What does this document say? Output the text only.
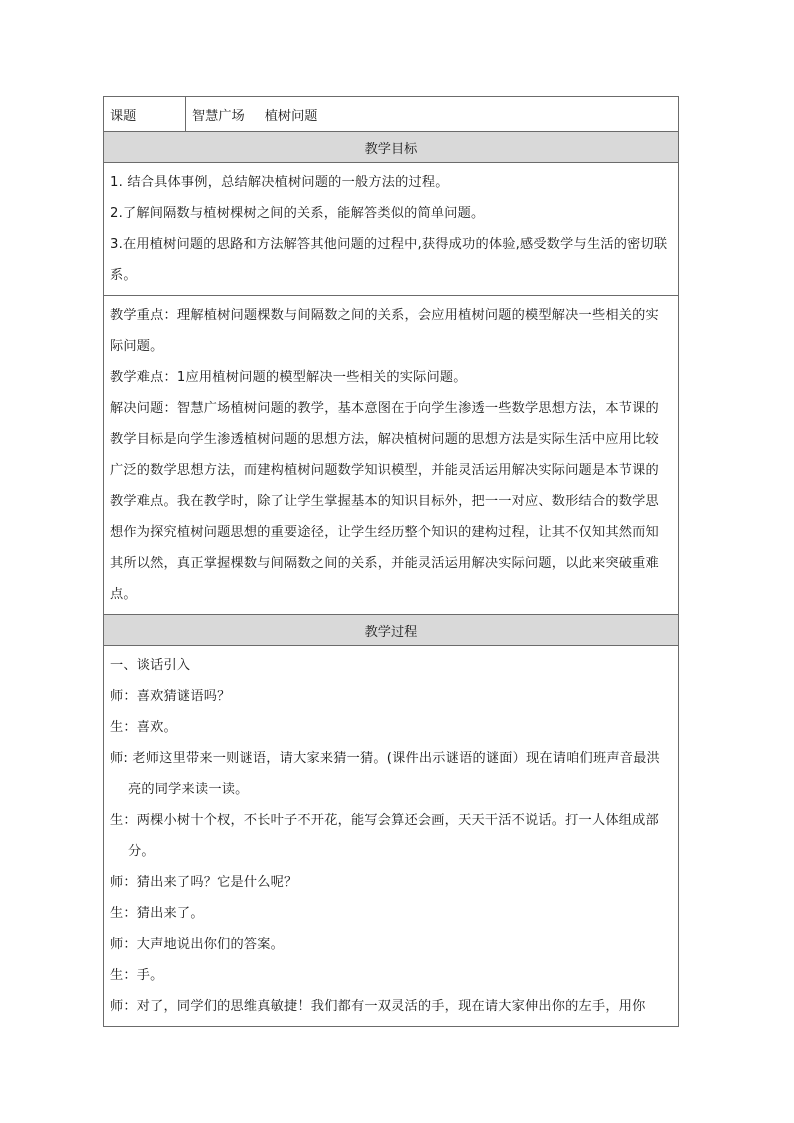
课题	智慧广场 植树问题
教学目标

1. 结合具体事例，总结解决植树问题的一般方法的过程。

2.了解间隔数与植树棵树之间的关系，能解答类似的简单问题。

3.在用植树问题的思路和方法解答其他问题的过程中,获得成功的体验,感受数学与生活的密切联系。

教学重点：理解植树问题棵数与间隔数之间的关系，会应用植树问题的模型解决一些相关的实际问题。

教学难点：1应用植树问题的模型解决一些相关的实际问题。

解决问题：智慧广场植树问题的教学，基本意图在于向学生渗透一些数学思想方法，本节课的教学目标是向学生渗透植树问题的思想方法，解决植树问题的思想方法是实际生活中应用比较广泛的数学思想方法，而建构植树问题数学知识模型，并能灵活运用解决实际问题是本节课的教学难点。我在教学时，除了让学生掌握基本的知识目标外，把一一对应、数形结合的数学思想作为探究植树问题思想的重要途径，让学生经历整个知识的建构过程，让其不仅知其然而知其所以然，真正掌握棵数与间隔数之间的关系，并能灵活运用解决实际问题，以此来突破重难点。

教学过程

一、谈话引入

师：喜欢猜谜语吗？

生：喜欢。

师: 老师这里带来一则谜语，请大家来猜一猜。(课件出示谜语的谜面）现在请咱们班声音最洪亮的同学来读一读。

生：两棵小树十个杈，不长叶子不开花，能写会算还会画，天天干活不说话。打一人体组成部分。

师：猜出来了吗？它是什么呢？

生：猜出来了。

师：大声地说出你们的答案。

生：手。

师：对了，同学们的思维真敏捷！我们都有一双灵活的手，现在请大家伸出你的左手，用你
